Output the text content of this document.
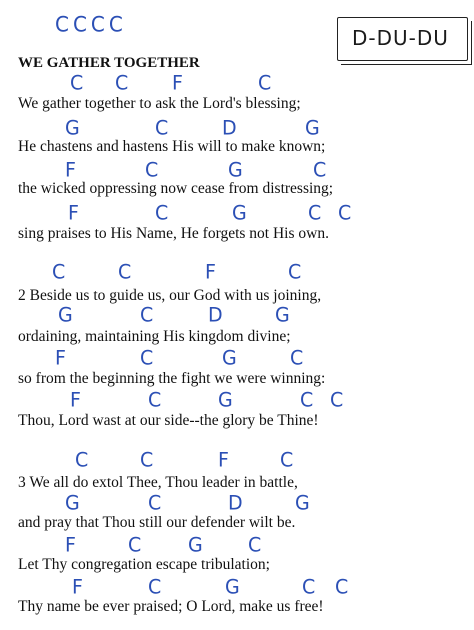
CCCC
D-DU-DU
WE GATHER TOGETHER
C C F	C
We gather together to ask the Lord's blessing;
G	C	D	G
He chastens and hastens His will to make known;
F	C	G	C
the wicked oppressing now cease from distressing;
F	C	G	C C
sing praises to His Name, He forgets not His own.
C	C	F	C
2 Beside us to guide us, our God with us joining,
G	C	D	G
ordaining, maintaining His kingdom divine;
F	C	G	C
so from the beginning the fight we were winning:
F	C	G	C C
Thou, Lord wast at our side--the glory be Thine!
C	C	F	C
3 We all do extol Thee, Thou leader in battle,
G	C	D	G
and pray that Thou still our defender wilt be.
F	C G C
Let Thy congregation escape tribulation;
F	C	G	C C
Thy name be ever praised; O Lord, make us free!
